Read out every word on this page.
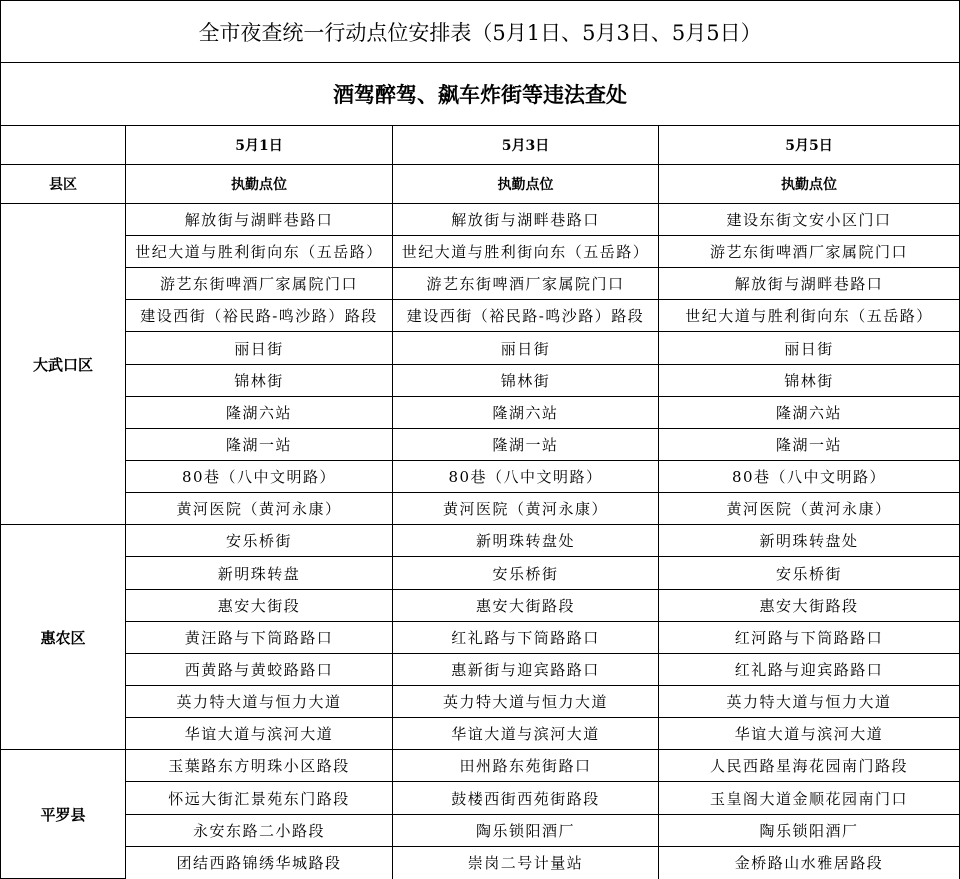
全市夜查统一行动点位安排表（5月1日、5月3日、5月5日）			
酒驾醉驾、飙车炸街等违法查处			
	5月1日	5月3日	5月5日
县区	执勤点位	执勤点位	执勤点位
大武口区	解放街与湖畔巷路口	解放街与湖畔巷路口	建设东街文安小区门口
	世纪大道与胜利街向东（五岳路）	世纪大道与胜利街向东（五岳路）	游艺东街啤酒厂家属院门口
	游艺东街啤酒厂家属院门口	游艺东街啤酒厂家属院门口	解放街与湖畔巷路口
	建设西街（裕民路-鸣沙路）路段	建设西街（裕民路-鸣沙路）路段	世纪大道与胜利街向东（五岳路）
	丽日街	丽日街	丽日街
	锦林街	锦林街	锦林街
	隆湖六站	隆湖六站	隆湖六站
	隆湖一站	隆湖一站	隆湖一站
	80巷（八中文明路）	80巷（八中文明路）	80巷（八中文明路）
	黄河医院（黄河永康）	黄河医院（黄河永康）	黄河医院（黄河永康）
惠农区	安乐桥街	新明珠转盘处	新明珠转盘处
	新明珠转盘	安乐桥街	安乐桥街
	惠安大街段	惠安大街路段	惠安大街路段
	黄汪路与下筒路路口	红礼路与下筒路路口	红河路与下筒路路口
	西黄路与黄蛟路路口	惠新街与迎宾路路口	红礼路与迎宾路路口
	英力特大道与恒力大道	英力特大道与恒力大道	英力特大道与恒力大道
	华谊大道与滨河大道	华谊大道与滨河大道	华谊大道与滨河大道
平罗县	玉葉路东方明珠小区路段	田州路东苑街路口	人民西路星海花园南门路段
	怀远大街汇景苑东门路段	鼓楼西街西苑街路段	玉皇阁大道金顺花园南门口
	永安东路二小路段	陶乐锁阳酒厂	陶乐锁阳酒厂
	团结西路锦绣华城路段	崇岗二号计量站	金桥路山水雅居路段
